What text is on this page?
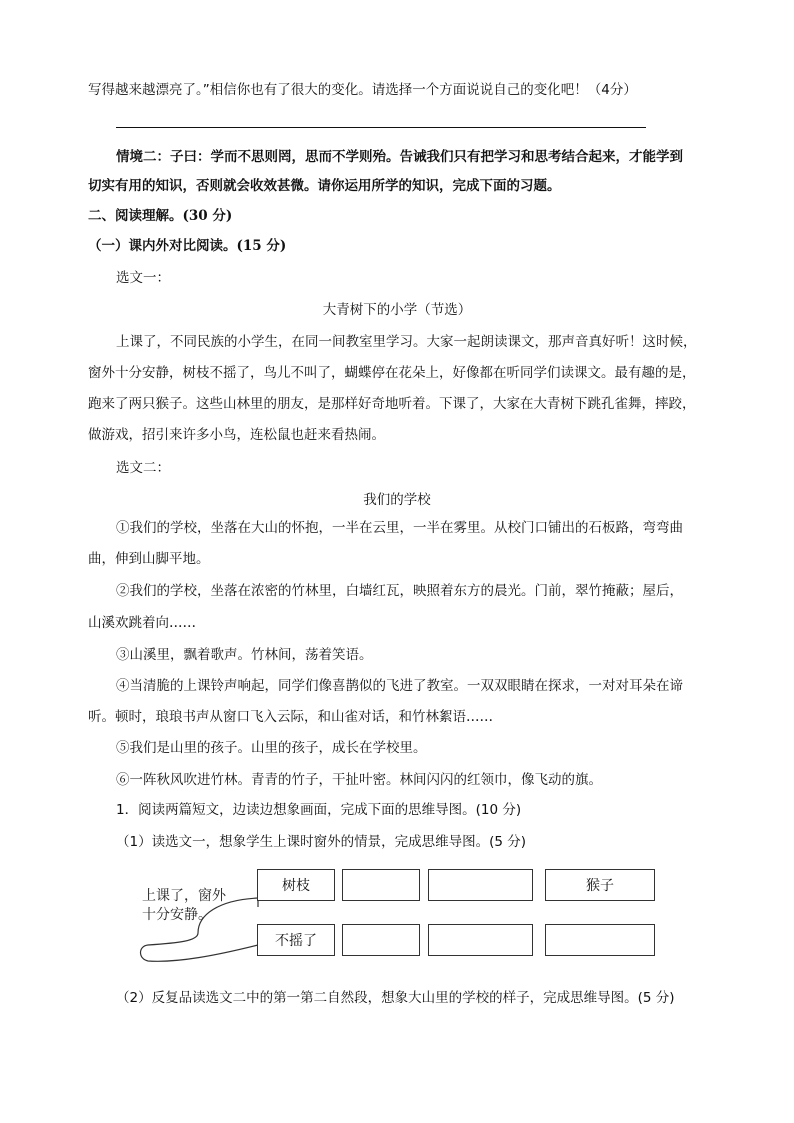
写得越来越漂亮了。”相信你也有了很大的变化。请选择一个方面说说自己的变化吧！（4分）
情境二：子曰：学而不思则罔，思而不学则殆。告诫我们只有把学习和思考结合起来，才能学到
切实有用的知识，否则就会收效甚微。请你运用所学的知识，完成下面的习题。
二、阅读理解。(30 分)
（一）课内外对比阅读。(15 分)
选文一：
大青树下的小学（节选）
上课了，不同民族的小学生，在同一间教室里学习。大家一起朗读课文，那声音真好听！这时候，
窗外十分安静，树枝不摇了，鸟儿不叫了，蝴蝶停在花朵上，好像都在听同学们读课文。最有趣的是，
跑来了两只猴子。这些山林里的朋友，是那样好奇地听着。下课了，大家在大青树下跳孔雀舞，摔跤，
做游戏，招引来许多小鸟，连松鼠也赶来看热闹。
选文二：
我们的学校
①我们的学校，坐落在大山的怀抱，一半在云里，一半在雾里。从校门口铺出的石板路，弯弯曲
曲，伸到山脚平地。
②我们的学校，坐落在浓密的竹林里，白墙红瓦，映照着东方的晨光。门前，翠竹掩蔽；屋后，
山溪欢跳着向……
③山溪里，飘着歌声。竹林间，荡着笑语。
④当清脆的上课铃声响起，同学们像喜鹊似的飞进了教室。一双双眼睛在探求，一对对耳朵在谛
听。顿时，琅琅书声从窗口飞入云际，和山雀对话，和竹林絮语……
⑤我们是山里的孩子。山里的孩子，成长在学校里。
⑥一阵秋风吹进竹林。青青的竹子，干扯叶密。林间闪闪的红领巾，像飞动的旗。
1．阅读两篇短文，边读边想象画面，完成下面的思维导图。(10 分)
（1）读选文一，想象学生上课时窗外的情景，完成思维导图。(5 分)
上课了，窗外
十分安静。
树枝	猴子
不摇了
（2）反复品读选文二中的第一第二自然段，想象大山里的学校的样子，完成思维导图。(5 分)
